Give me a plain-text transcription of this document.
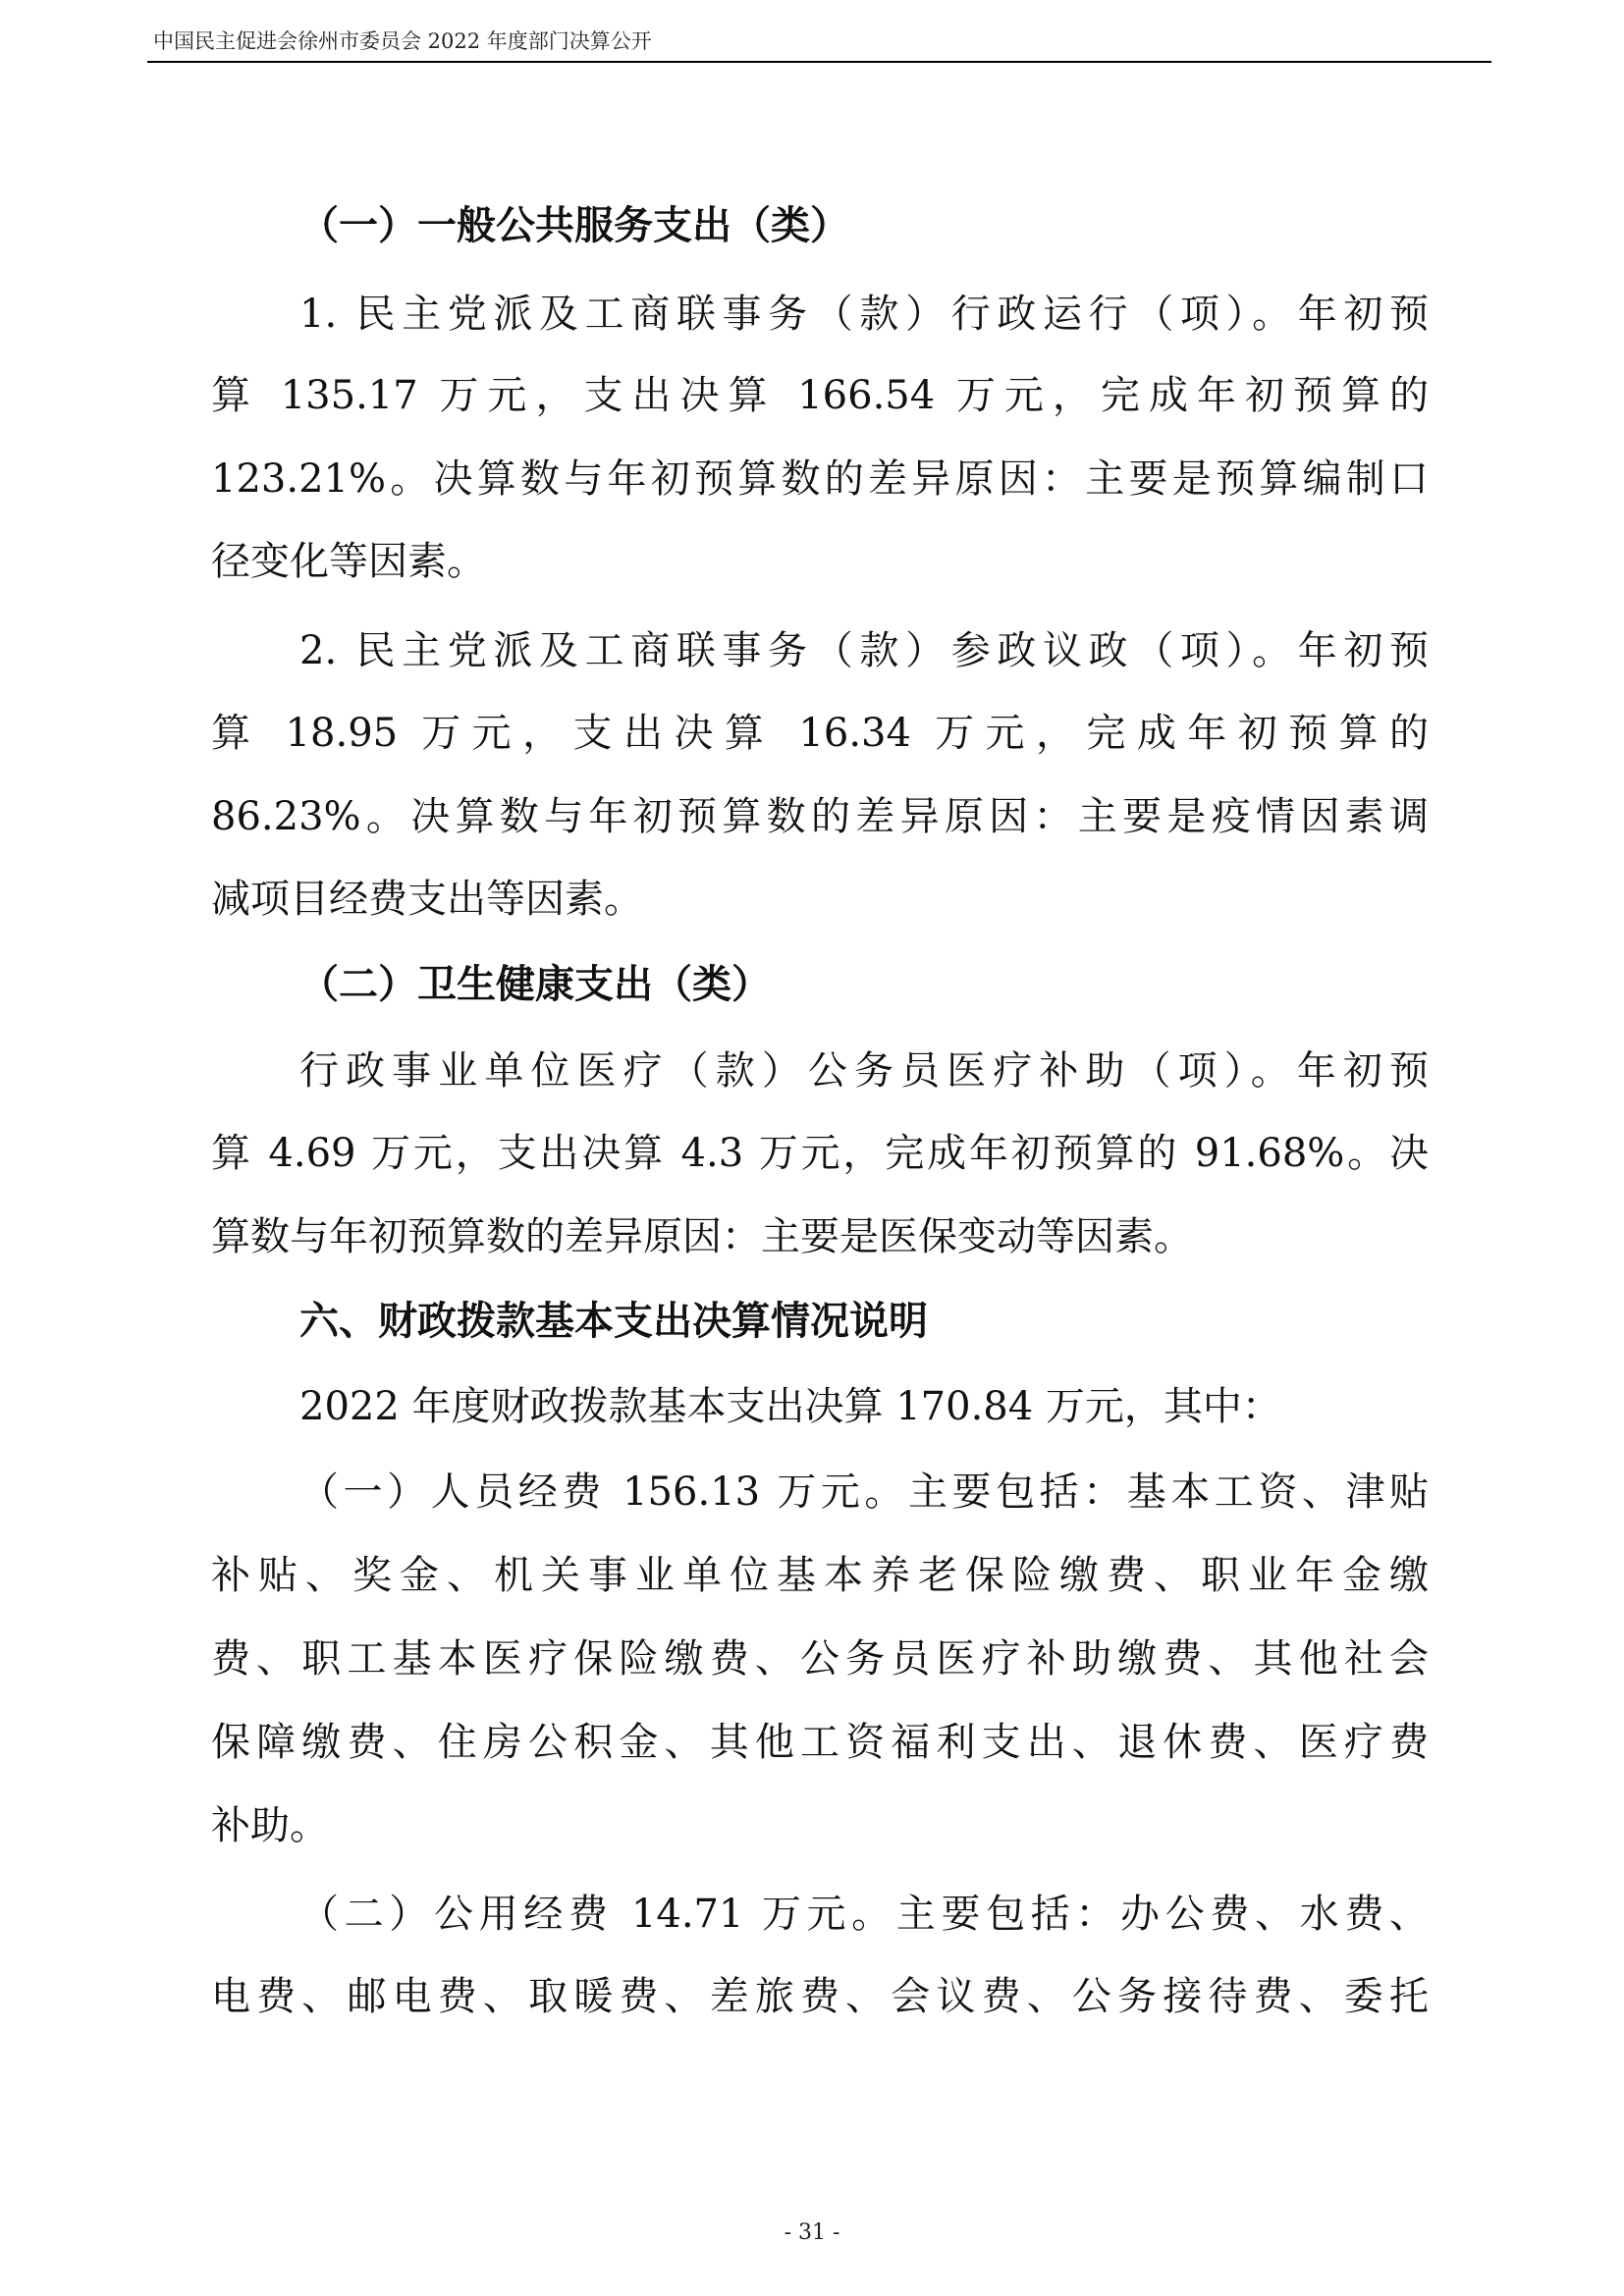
中国民主促进会徐州市委员会 2022 年度部门决算公开
（一）一般公共服务支出（类）
1. 民主党派及工商联事务（款）行政运行（项）。年初预
算 135.17 万元，支出决算 166.54 万元，完成年初预算的
123.21%。决算数与年初预算数的差异原因：主要是预算编制口
径变化等因素。
2. 民主党派及工商联事务（款）参政议政（项）。年初预
算 18.95 万元，支出决算 16.34 万元，完成年初预算的
86.23%。决算数与年初预算数的差异原因：主要是疫情因素调
减项目经费支出等因素。
（二）卫生健康支出（类）
行政事业单位医疗（款）公务员医疗补助（项）。年初预
算 4.69 万元，支出决算 4.3 万元，完成年初预算的 91.68%。决
算数与年初预算数的差异原因：主要是医保变动等因素。
六、财政拨款基本支出决算情况说明
2022 年度财政拨款基本支出决算 170.84 万元，其中：
（一）人员经费 156.13 万元。主要包括：基本工资、津贴
补贴、奖金、机关事业单位基本养老保险缴费、职业年金缴
费、职工基本医疗保险缴费、公务员医疗补助缴费、其他社会
保障缴费、住房公积金、其他工资福利支出、退休费、医疗费
补助。
（二）公用经费 14.71 万元。主要包括：办公费、水费、
电费、邮电费、取暖费、差旅费、会议费、公务接待费、委托
- 31 -
